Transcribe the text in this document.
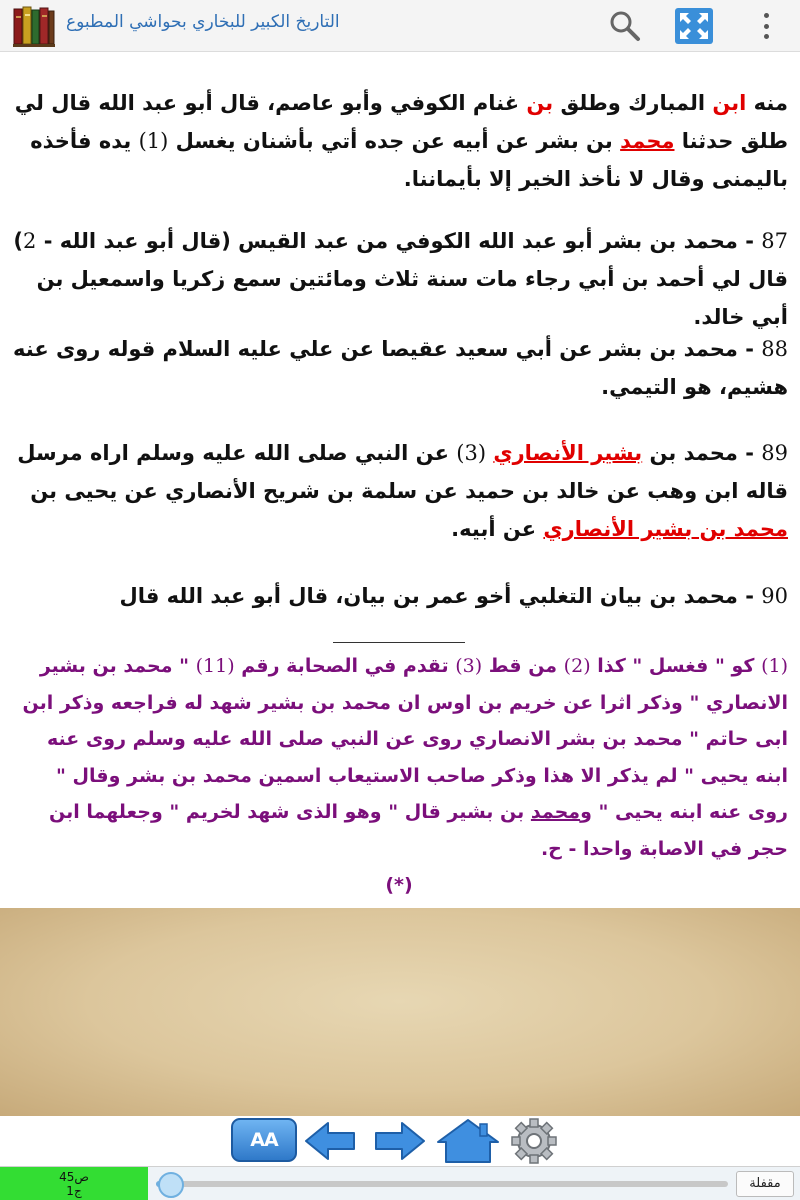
التاريخ الكبير للبخاري بحواشي المطبوع

منه ابن المبارك وطلق بن غنام الكوفي وأبو عاصم، قال أبو عبد الله قال لي طلق حدثنا محمد بن بشر عن أبيه عن جده أتي بأشنان يغسل (1) يده فأخذه باليمنى وقال لا نأخذ الخير إلا بأيماننا.

87 - محمد بن بشر أبو عبد الله الكوفي من عبد القيس (قال أبو عبد الله - 2) قال لي أحمد بن أبي رجاء مات سنة ثلاث ومائتين سمع زكريا واسمعيل بن أبي خالد.

88 - محمد بن بشر عن أبي سعيد عقيصا عن علي عليه السلام قوله روى عنه هشيم، هو التيمي.

89 - محمد بن بشير الأنصاري (3) عن النبي صلى الله عليه وسلم اراه مرسل قاله ابن وهب عن خالد بن حميد عن سلمة بن شريح الأنصاري عن يحيى بن محمد بن بشير الأنصاري عن أبيه.

90 - محمد بن بيان التغلبي أخو عمر بن بيان، قال أبو عبد الله قال

(1) كو " فغسل " كذا (2) من قط (3) تقدم في الصحابة رقم (11) " محمد بن بشير الانصاري " وذكر اثرا عن خريم بن اوس ان محمد بن بشير شهد له فراجعه وذكر ابن ابى حاتم " محمد بن بشر الانصاري روى عن النبي صلى الله عليه وسلم روى عنه ابنه يحيى " لم يذكر الا هذا وذكر صاحب الاستيعاب اسمين محمد بن بشر وقال " روى عنه ابنه يحيى " ومحمد بن بشير قال " وهو الذى شهد لخريم " وجعلهما ابن حجر في الاصابة واحدا - ح.

(*)

AA
ص45
ج1	مقفلة
